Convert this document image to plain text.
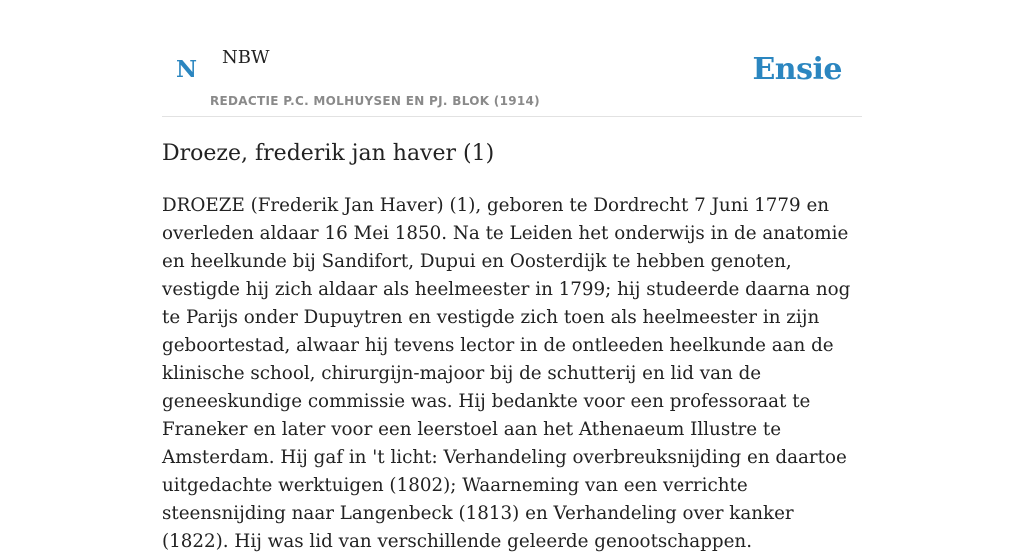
N NBW
REDACTIE P.C. MOLHUYSEN EN PJ. BLOK (1914)
Ensie
Droeze, frederik jan haver (1)

DROEZE (Frederik Jan Haver) (1), geboren te Dordrecht 7 Juni 1779 en overleden aldaar 16 Mei 1850. Na te Leiden het onderwijs in de anatomie en heelkunde bij Sandifort, Dupui en Oosterdijk te hebben genoten, vestigde hij zich aldaar als heelmeester in 1799; hij studeerde daarna nog te Parijs onder Dupuytren en vestigde zich toen als heelmeester in zijn geboortestad, alwaar hij tevens lector in de ontleeden heelkunde aan de klinische school, chirurgijn-majoor bij de schutterij en lid van de geneeskundige commissie was. Hij bedankte voor een professoraat te Franeker en later voor een leerstoel aan het Athenaeum Illustre te Amsterdam. Hij gaf in 't licht: Verhandeling overbreuksnijding en daartoe uitgedachte werktuigen (1802); Waarneming van een verrichte steensnijding naar Langenbeck (1813) en Verhandeling over kanker (1822). Hij was lid van verschillende geleerde genootschappen.
